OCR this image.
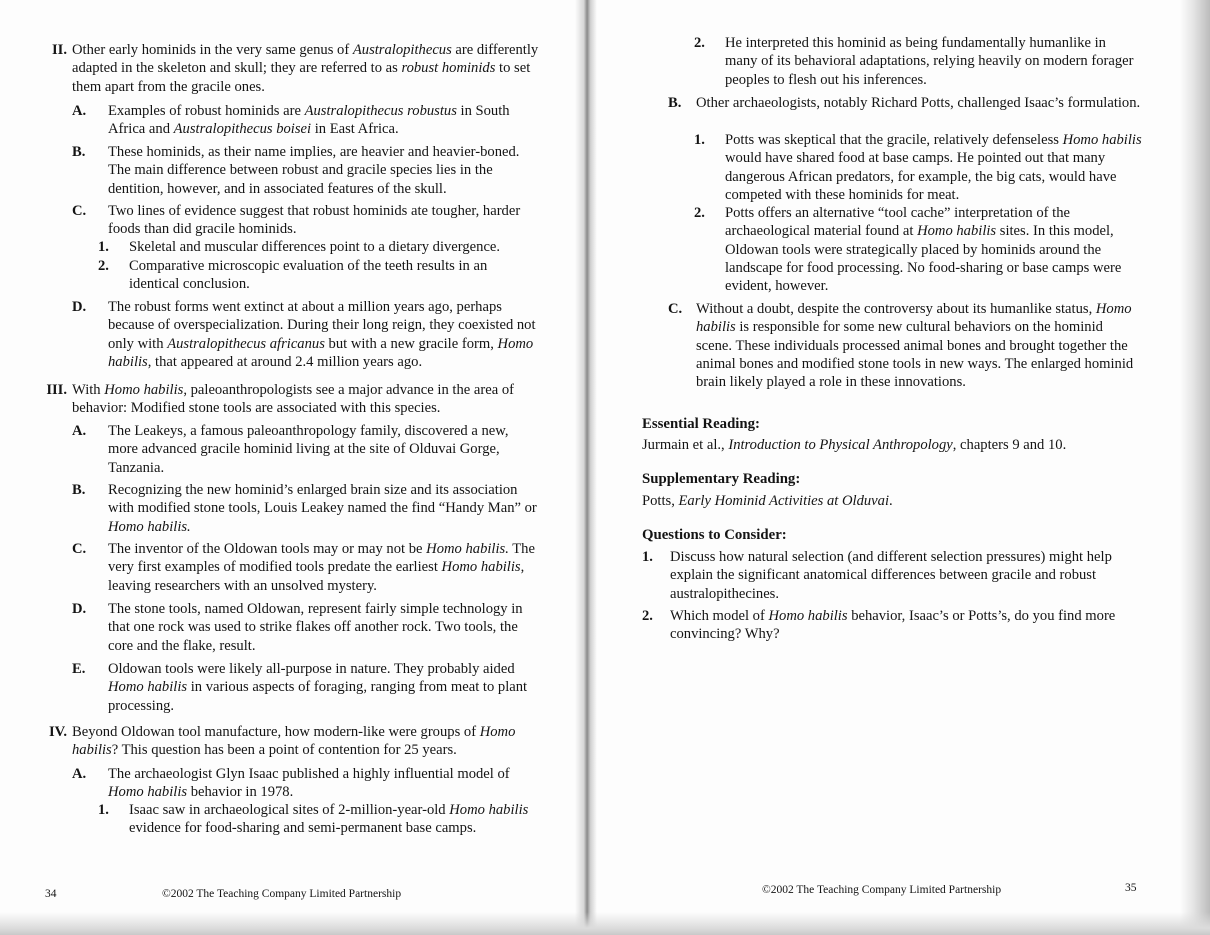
II. Other early hominids in the very same genus of Australopithecus are differently adapted in the skeleton and skull; they are referred to as robust hominids to set them apart from the gracile ones.
A.	Examples of robust hominids are Australopithecus robustus in South Africa and Australopithecus boisei in East Africa.
B.	These hominids, as their name implies, are heavier and heavier-boned. The main difference between robust and gracile species lies in the dentition, however, and in associated features of the skull.
C.	Two lines of evidence suggest that robust hominids ate tougher, harder foods than did gracile hominids.
1.	Skeletal and muscular differences point to a dietary divergence.
2.	Comparative microscopic evaluation of the teeth results in an identical conclusion.
D.	The robust forms went extinct at about a million years ago, perhaps because of overspecialization. During their long reign, they coexisted not only with Australopithecus africanus but with a new gracile form, Homo habilis, that appeared at around 2.4 million years ago.
III. With Homo habilis, paleoanthropologists see a major advance in the area of behavior: Modified stone tools are associated with this species.
A.	The Leakeys, a famous paleoanthropology family, discovered a new, more advanced gracile hominid living at the site of Olduvai Gorge, Tanzania.
B.	Recognizing the new hominid’s enlarged brain size and its association with modified stone tools, Louis Leakey named the find “Handy Man” or Homo habilis.
C.	The inventor of the Oldowan tools may or may not be Homo habilis. The very first examples of modified tools predate the earliest Homo habilis, leaving researchers with an unsolved mystery.
D.	The stone tools, named Oldowan, represent fairly simple technology in that one rock was used to strike flakes off another rock. Two tools, the core and the flake, result.
E.	Oldowan tools were likely all-purpose in nature. They probably aided Homo habilis in various aspects of foraging, ranging from meat to plant processing.
IV. Beyond Oldowan tool manufacture, how modern-like were groups of Homo habilis? This question has been a point of contention for 25 years.
A.	The archaeologist Glyn Isaac published a highly influential model of Homo habilis behavior in 1978.
1.	Isaac saw in archaeological sites of 2-million-year-old Homo habilis evidence for food-sharing and semi-permanent base camps.
34	©2002 The Teaching Company Limited Partnership
2.	He interpreted this hominid as being fundamentally humanlike in many of its behavioral adaptations, relying heavily on modern forager peoples to flesh out his inferences.
B.	Other archaeologists, notably Richard Potts, challenged Isaac’s formulation.
1.	Potts was skeptical that the gracile, relatively defenseless Homo habilis would have shared food at base camps. He pointed out that many dangerous African predators, for example, the big cats, would have competed with these hominids for meat.
2.	Potts offers an alternative “tool cache” interpretation of the archaeological material found at Homo habilis sites. In this model, Oldowan tools were strategically placed by hominids around the landscape for food processing. No food-sharing or base camps were evident, however.
C. Without a doubt, despite the controversy about its humanlike status, Homo habilis is responsible for some new cultural behaviors on the hominid scene. These individuals processed animal bones and brought together the animal bones and modified stone tools in new ways. The enlarged hominid brain likely played a role in these innovations.
Essential Reading:
Jurmain et al., Introduction to Physical Anthropology, chapters 9 and 10.
Supplementary Reading:
Potts, Early Hominid Activities at Olduvai.
Questions to Consider:
1.	Discuss how natural selection (and different selection pressures) might help explain the significant anatomical differences between gracile and robust australopithecines.
2.	Which model of Homo habilis behavior, Isaac’s or Potts’s, do you find more convincing? Why?
©2002 The Teaching Company Limited Partnership	35
